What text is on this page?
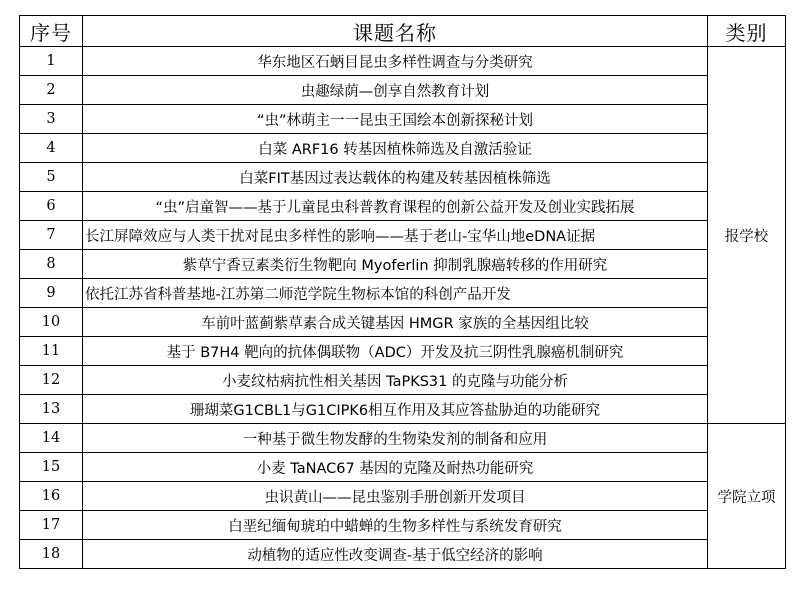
序号	课题名称	类别
1	华东地区石蛃目昆虫多样性调查与分类研究	报学校
2	虫趣绿荫—创享自然教育计划	
3	“虫”林萌主一一昆虫王国绘本创新探秘计划	
4	白菜 ARF16 转基因植株筛选及自激活验证	
5	白菜FIT基因过表达载体的构建及转基因植株筛选	
6	“虫”启童智——基于儿童昆虫科普教育课程的创新公益开发及创业实践拓展	
7	长江屏障效应与人类干扰对昆虫多样性的影响——基于老山-宝华山地eDNA证据	
8	紫草宁香豆素类衍生物靶向 Myoferlin 抑制乳腺癌转移的作用研究	
9	依托江苏省科普基地-江苏第二师范学院生物标本馆的科创产品开发	
10	车前叶蓝蓟紫草素合成关键基因 HMGR 家族的全基因组比较	
11	基于 B7H4 靶向的抗体偶联物（ADC）开发及抗三阴性乳腺癌机制研究	
12	小麦纹枯病抗性相关基因 TaPKS31 的克隆与功能分析	
13	珊瑚菜G1CBL1与G1CIPK6相互作用及其应答盐胁迫的功能研究	
14	一种基于微生物发酵的生物染发剂的制备和应用	学院立项
15	小麦 TaNAC67 基因的克隆及耐热功能研究	
16	虫识黄山——昆虫鉴别手册创新开发项目	
17	白垩纪缅甸琥珀中蜡蝉的生物多样性与系统发育研究	
18	动植物的适应性改变调查-基于低空经济的影响	
